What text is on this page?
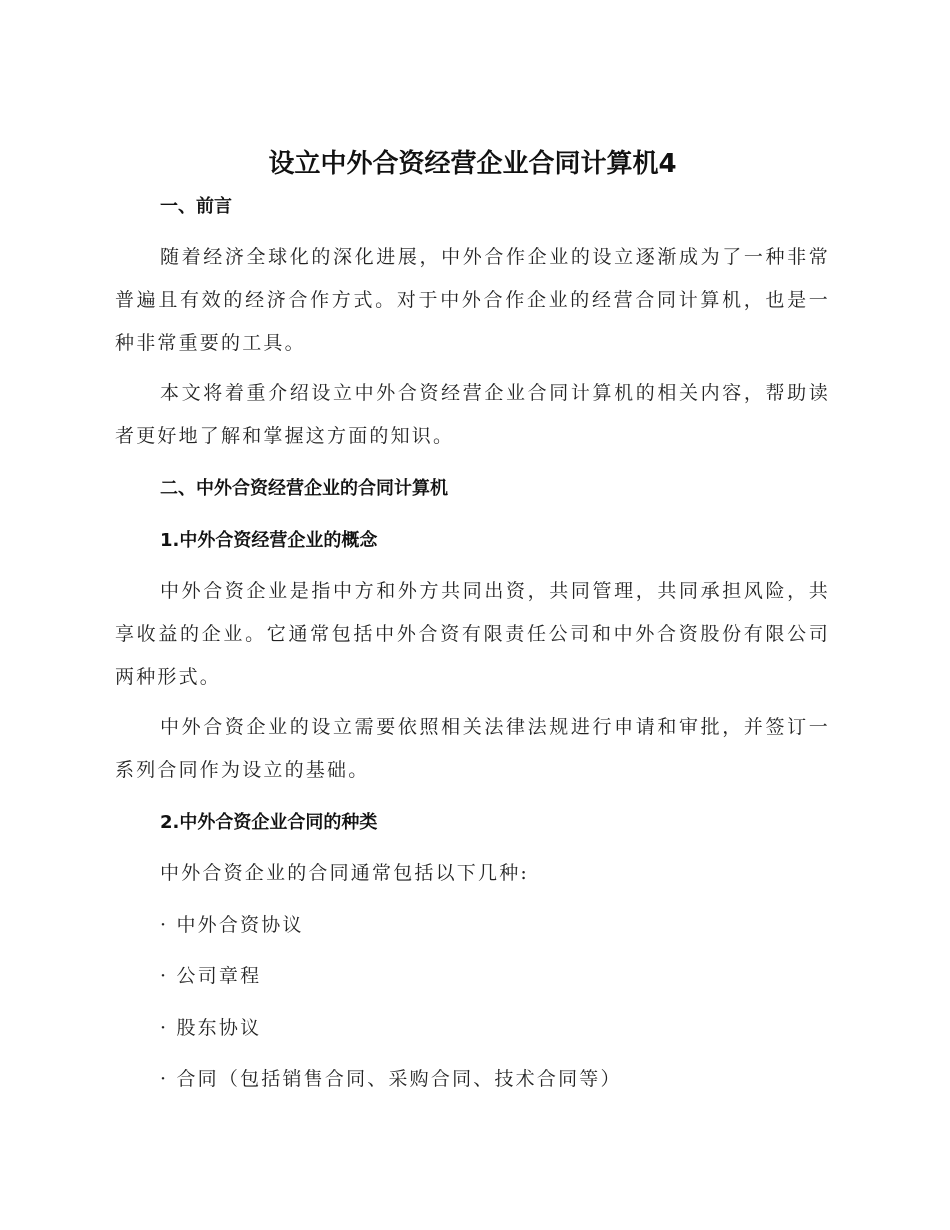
设立中外合资经营企业合同计算机4
一、前言

随着经济全球化的深化进展，中外合作企业的设立逐渐成为了一种非常普遍且有效的经济合作方式。对于中外合作企业的经营合同计算机，也是一种非常重要的工具。

本文将着重介绍设立中外合资经营企业合同计算机的相关内容，帮助读者更好地了解和掌握这方面的知识。

二、中外合资经营企业的合同计算机
1.中外合资经营企业的概念

中外合资企业是指中方和外方共同出资，共同管理，共同承担风险，共享收益的企业。它通常包括中外合资有限责任公司和中外合资股份有限公司两种形式。

中外合资企业的设立需要依照相关法律法规进行申请和审批，并签订一系列合同作为设立的基础。

2.中外合资企业合同的种类

中外合资企业的合同通常包括以下几种:

· 中外合资协议

· 公司章程

· 股东协议

· 合同（包括销售合同、采购合同、技术合同等）
